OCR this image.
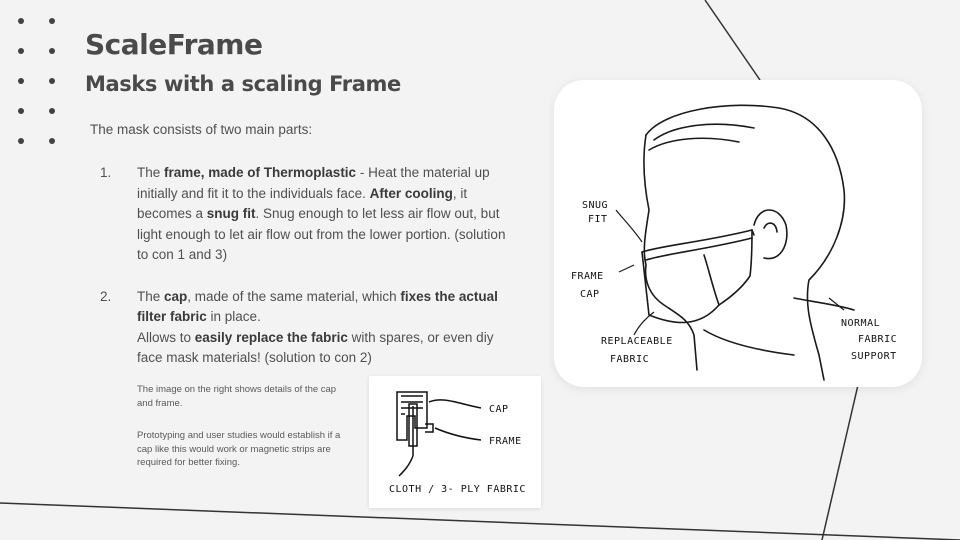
ScaleFrame
Masks with a scaling Frame
The mask consists of two main parts:
1. The frame, made of Thermoplastic - Heat the material up initially and fit it to the individuals face. After cooling, it becomes a snug fit. Snug enough to let less air flow out, but light enough to let air flow out from the lower portion. (solution to con 1 and 3)
2. The cap, made of the same material, which fixes the actual filter fabric in place.
Allows to easily replace the fabric with spares, or even diy face mask materials! (solution to con 2)
The image on the right shows details of the cap and frame.
Prototyping and user studies would establish if a cap like this would work or magnetic strips are required for better fixing.
SNUG
FIT
FRAME
CAP
REPLACEABLE
FABRIC
NORMAL
FABRIC
SUPPORT
CAP
FRAME
CLOTH / 3- PLY FABRIC
